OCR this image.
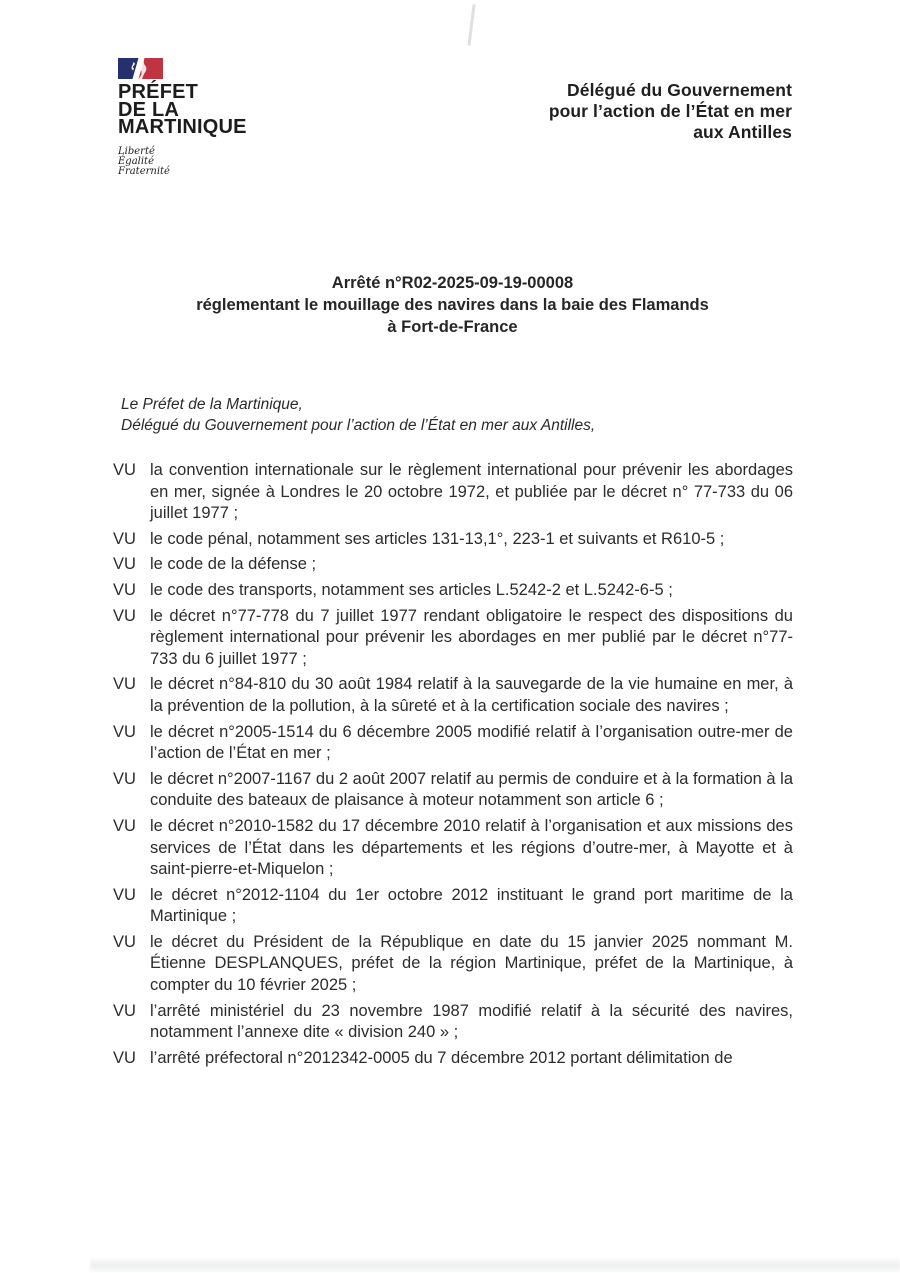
PRÉFET
DE LA
MARTINIQUE
Liberté
Égalité
Fraternité
Délégué du Gouvernement
pour l’action de l’État en mer
aux Antilles
Arrêté n°R02-2025-09-19-00008
réglementant le mouillage des navires dans la baie des Flamands
à Fort-de-France
Le Préfet de la Martinique,
Délégué du Gouvernement pour l’action de l’État en mer aux Antilles,
VU la convention internationale sur le règlement international pour prévenir les abordages en mer, signée à Londres le 20 octobre 1972, et publiée par le décret n° 77-733 du 06 juillet 1977 ;

VU le code pénal, notamment ses articles 131-13,1°, 223-1 et suivants et R610-5 ;

VU le code de la défense ;

VU le code des transports, notamment ses articles L.5242-2 et L.5242-6-5 ;

VU le décret n°77-778 du 7 juillet 1977 rendant obligatoire le respect des dispositions du règlement international pour prévenir les abordages en mer publié par le décret n°77-733 du 6 juillet 1977 ;

VU le décret n°84-810 du 30 août 1984 relatif à la sauvegarde de la vie humaine en mer, à la prévention de la pollution, à la sûreté et à la certification sociale des navires ;

VU le décret n°2005-1514 du 6 décembre 2005 modifié relatif à l’organisation outre-mer de l’action de l’État en mer ;

VU le décret n°2007-1167 du 2 août 2007 relatif au permis de conduire et à la formation à la conduite des bateaux de plaisance à moteur notamment son article 6 ;

VU le décret n°2010-1582 du 17 décembre 2010 relatif à l’organisation et aux missions des services de l’État dans les départements et les régions d’outre-mer, à Mayotte et à saint-pierre-et-Miquelon ;

VU le décret n°2012-1104 du 1er octobre 2012 instituant le grand port maritime de la Martinique ;

VU le décret du Président de la République en date du 15 janvier 2025 nommant M. Étienne DESPLANQUES, préfet de la région Martinique, préfet de la Martinique, à compter du 10 février 2025 ;

VU l’arrêté ministériel du 23 novembre 1987 modifié relatif à la sécurité des navires, notamment l’annexe dite « division 240 » ;

VU l’arrêté préfectoral n°2012342-0005 du 7 décembre 2012 portant délimitation de
